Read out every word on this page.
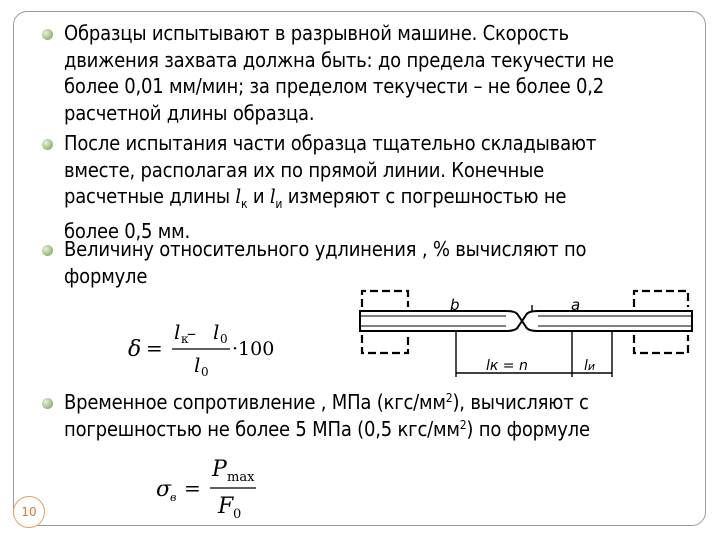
Образцы испытывают в разрывной машине. Скорость
движения захвата должна быть: до предела текучести не
более 0,01 мм/мин; за пределом текучести – не более 0,2
расчетной длины образца.
После испытания части образца тщательно складывают
вместе, располагая их по прямой линии. Конечные
расчетные длины $l_к$ и $l_и$ измеряют с погрешностью не
более 0,5 мм.
Величину относительного удлинения , % вычисляют по
формуле
δ =
l к
– l 0
l 0
·100
b	a
lк = n	lи
Временное сопротивление , МПа $(кгс/мм^2)$, вычисляют с
погрешностью не более 5 МПа (0,5 кгс/$мм^2$) по формуле
σ
в =
P max
F 0
10
